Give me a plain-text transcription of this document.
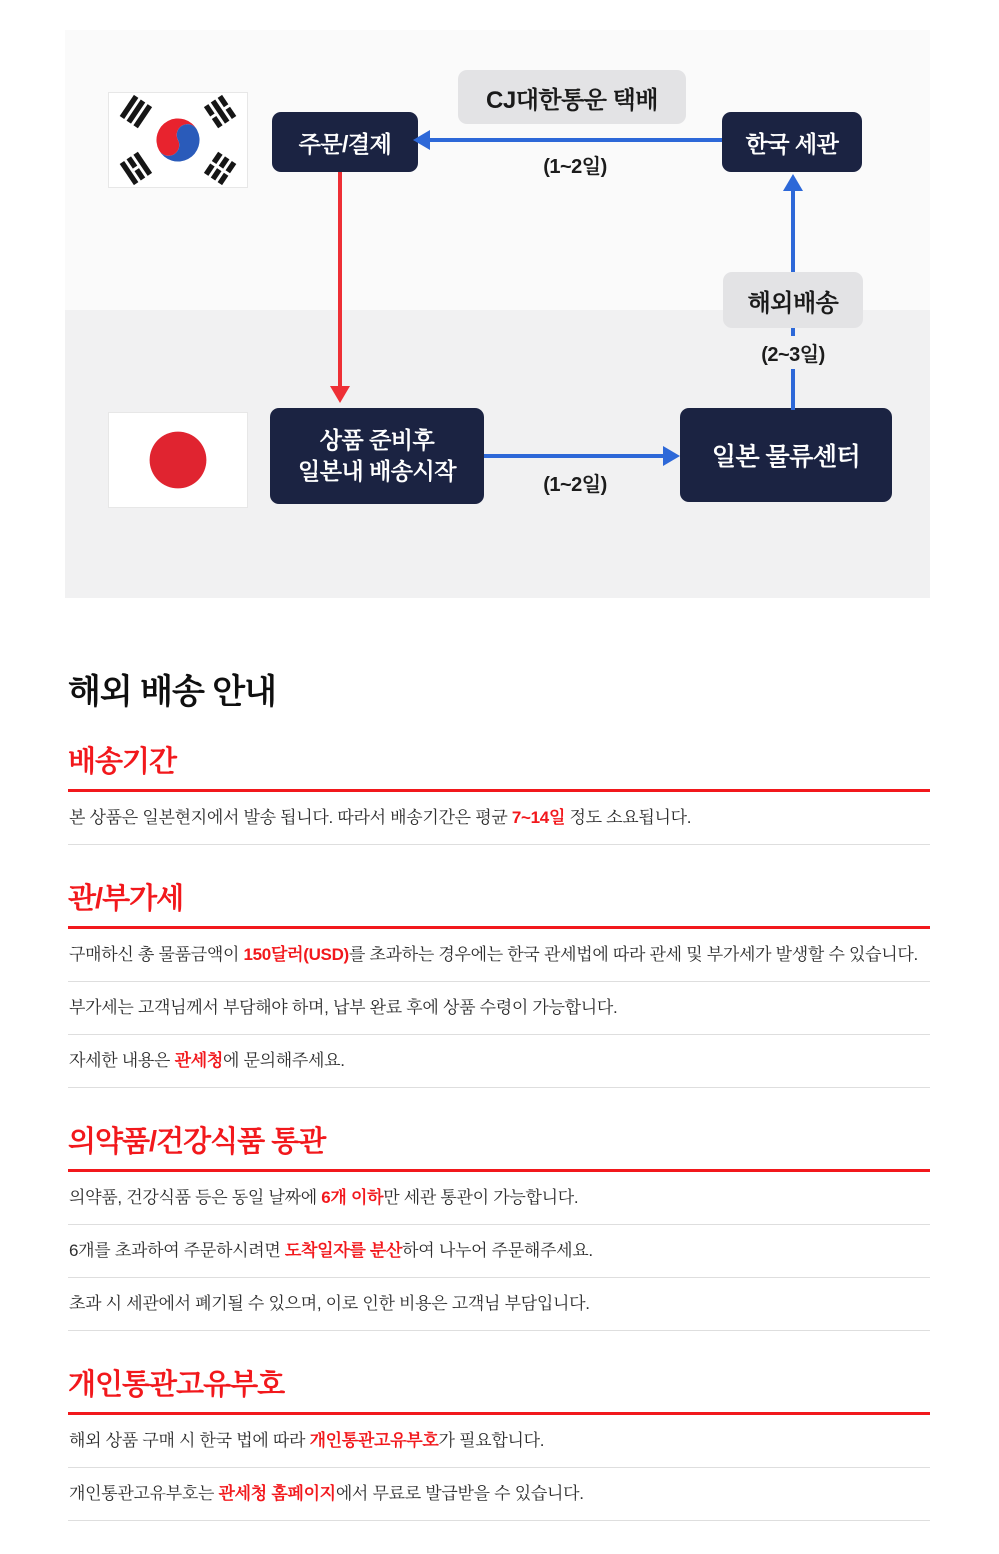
주문/결제
CJ대한통운 택배
한국 세관
해외배송
상품 준비후
일본내 배송시작	일본 물류센터
(1~2일)
(2~3일)
(1~2일)
해외 배송 안내
배송기간

본 상품은 일본현지에서 발송 됩니다. 따라서 배송기간은 평균 7~14일 정도 소요됩니다.

관/부가세

구매하신 총 물품금액이 150달러(USD)를 초과하는 경우에는 한국 관세법에 따라 관세 및 부가세가 발생할 수 있습니다.

부가세는 고객님께서 부담해야 하며, 납부 완료 후에 상품 수령이 가능합니다.

자세한 내용은 관세청에 문의해주세요.

의약품/건강식품 통관

의약품, 건강식품 등은 동일 날짜에 6개 이하만 세관 통관이 가능합니다.

6개를 초과하여 주문하시려면 도착일자를 분산하여 나누어 주문해주세요.

초과 시 세관에서 폐기될 수 있으며, 이로 인한 비용은 고객님 부담입니다.

개인통관고유부호

해외 상품 구매 시 한국 법에 따라 개인통관고유부호가 필요합니다.

개인통관고유부호는 관세청 홈페이지에서 무료로 발급받을 수 있습니다.
